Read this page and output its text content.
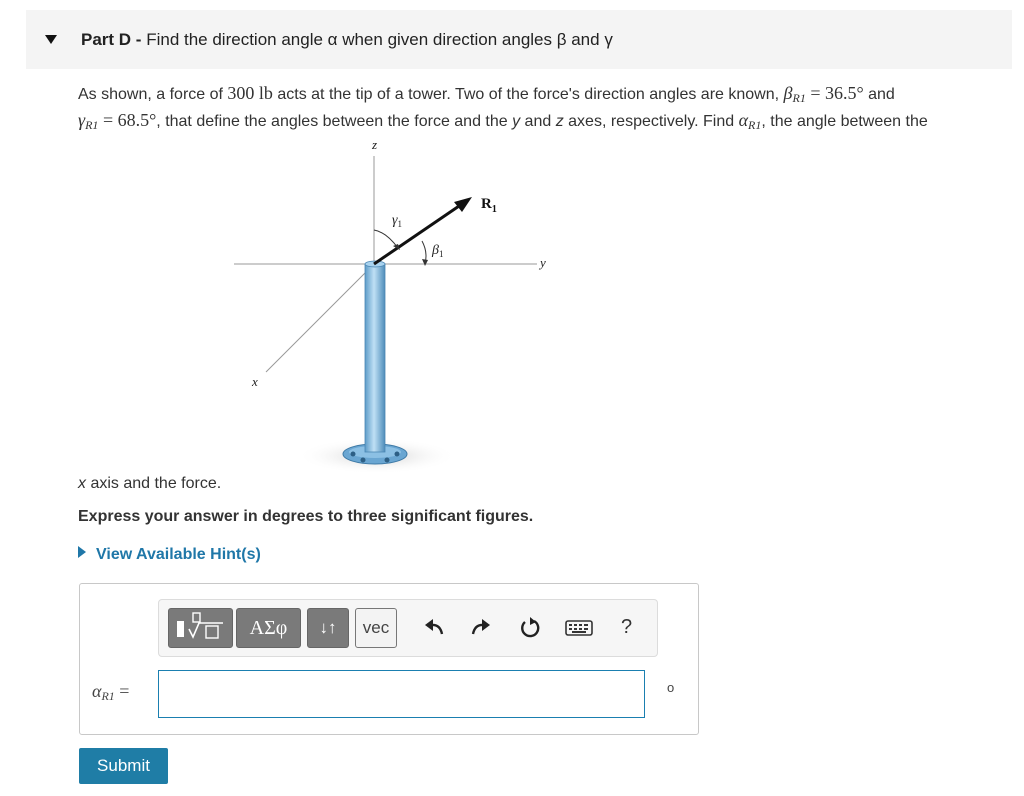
Part D - Find the direction angle α when given direction angles β and γ
As shown, a force of 300 lb acts at the tip of a tower. Two of the force's direction angles are known, $\beta_{R1} = 36.5^\circ$ and
$\gamma_{R1} = 68.5^\circ$, that define the angles between the force and the y and z axes, respectively. Find $\alpha_{R1}$, the angle between the
z
y
x
$\gamma_1$
$\beta_1$
$R_1$
x axis and the force.
Express your answer in degrees to three significant figures.
View Available Hint(s)
ΑΣφ	↓↑	vec	?
$\alpha_{R1}$ =	o
Submit
